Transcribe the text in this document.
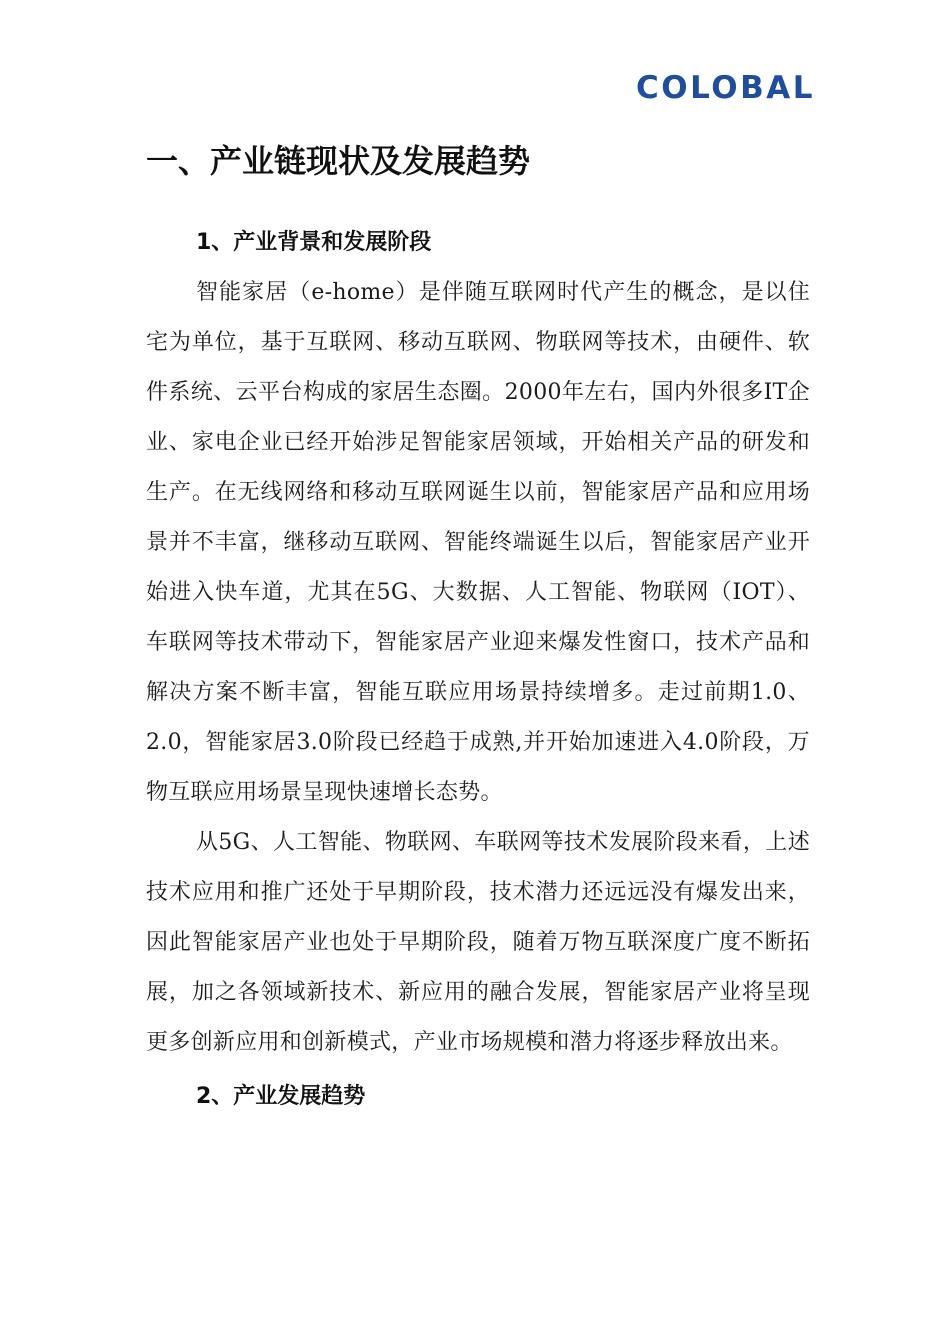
COLOBAL
一、产业链现状及发展趋势
1、产业背景和发展阶段

智能家居（e-home）是伴随互联网时代产生的概念，是以住宅为单位，基于互联网、移动互联网、物联网等技术，由硬件、软件系统、云平台构成的家居生态圈。2000年左右，国内外很多IT企业、家电企业已经开始涉足智能家居领域，开始相关产品的研发和生产。在无线网络和移动互联网诞生以前，智能家居产品和应用场景并不丰富，继移动互联网、智能终端诞生以后，智能家居产业开始进入快车道，尤其在5G、大数据、人工智能、物联网（IOT）、车联网等技术带动下，智能家居产业迎来爆发性窗口，技术产品和解决方案不断丰富，智能互联应用场景持续增多。走过前期1.0、2.0，智能家居3.0阶段已经趋于成熟,并开始加速进入4.0阶段，万物互联应用场景呈现快速增长态势。

从5G、人工智能、物联网、车联网等技术发展阶段来看，上述技术应用和推广还处于早期阶段，技术潜力还远远没有爆发出来，因此智能家居产业也处于早期阶段，随着万物互联深度广度不断拓展，加之各领域新技术、新应用的融合发展，智能家居产业将呈现更多创新应用和创新模式，产业市场规模和潜力将逐步释放出来。

2、产业发展趋势
